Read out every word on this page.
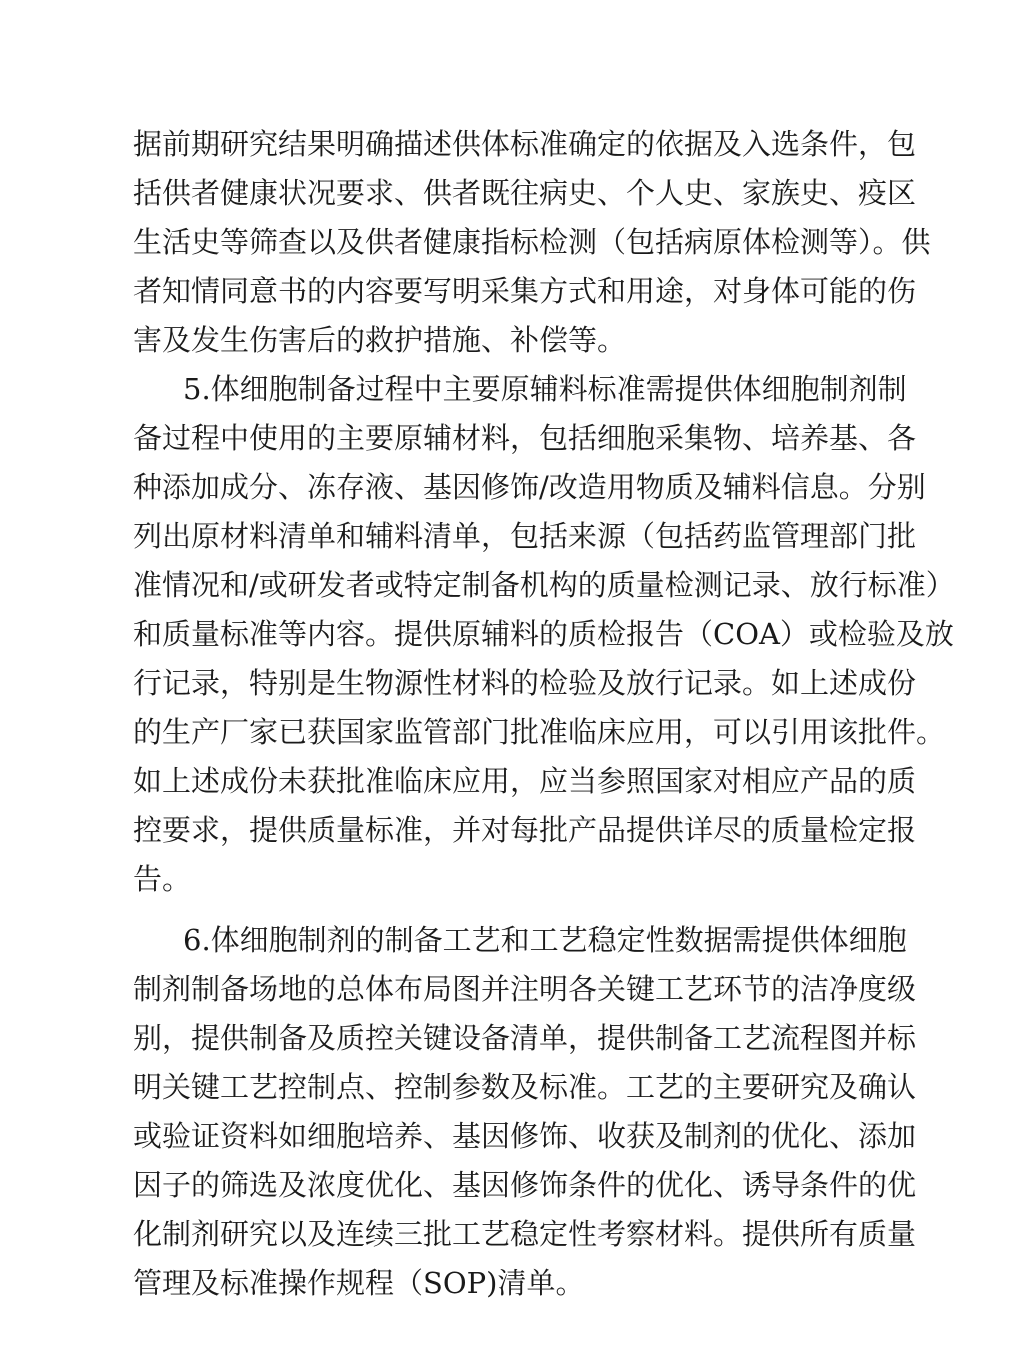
据前期研究结果明确描述供体标准确定的依据及入选条件，包

括供者健康状况要求、供者既往病史、个人史、家族史、疫区

生活史等筛查以及供者健康指标检测（包括病原体检测等）。供

者知情同意书的内容要写明采集方式和用途，对身体可能的伤

害及发生伤害后的救护措施、补偿等。

5.体细胞制备过程中主要原辅料标准需提供体细胞制剂制

备过程中使用的主要原辅材料，包括细胞采集物、培养基、各

种添加成分、冻存液、基因修饰/改造用物质及辅料信息。分别

列出原材料清单和辅料清单，包括来源（包括药监管理部门批

准情况和/或研发者或特定制备机构的质量检测记录、放行标准）

和质量标准等内容。提供原辅料的质检报告（COA）或检验及放

行记录，特别是生物源性材料的检验及放行记录。如上述成份

的生产厂家已获国家监管部门批准临床应用，可以引用该批件。

如上述成份未获批准临床应用，应当参照国家对相应产品的质

控要求，提供质量标准，并对每批产品提供详尽的质量检定报

告。

6.体细胞制剂的制备工艺和工艺稳定性数据需提供体细胞

制剂制备场地的总体布局图并注明各关键工艺环节的洁净度级

别，提供制备及质控关键设备清单，提供制备工艺流程图并标

明关键工艺控制点、控制参数及标准。工艺的主要研究及确认

或验证资料如细胞培养、基因修饰、收获及制剂的优化、添加

因子的筛选及浓度优化、基因修饰条件的优化、诱导条件的优

化制剂研究以及连续三批工艺稳定性考察材料。提供所有质量

管理及标准操作规程（SOP)清单。
